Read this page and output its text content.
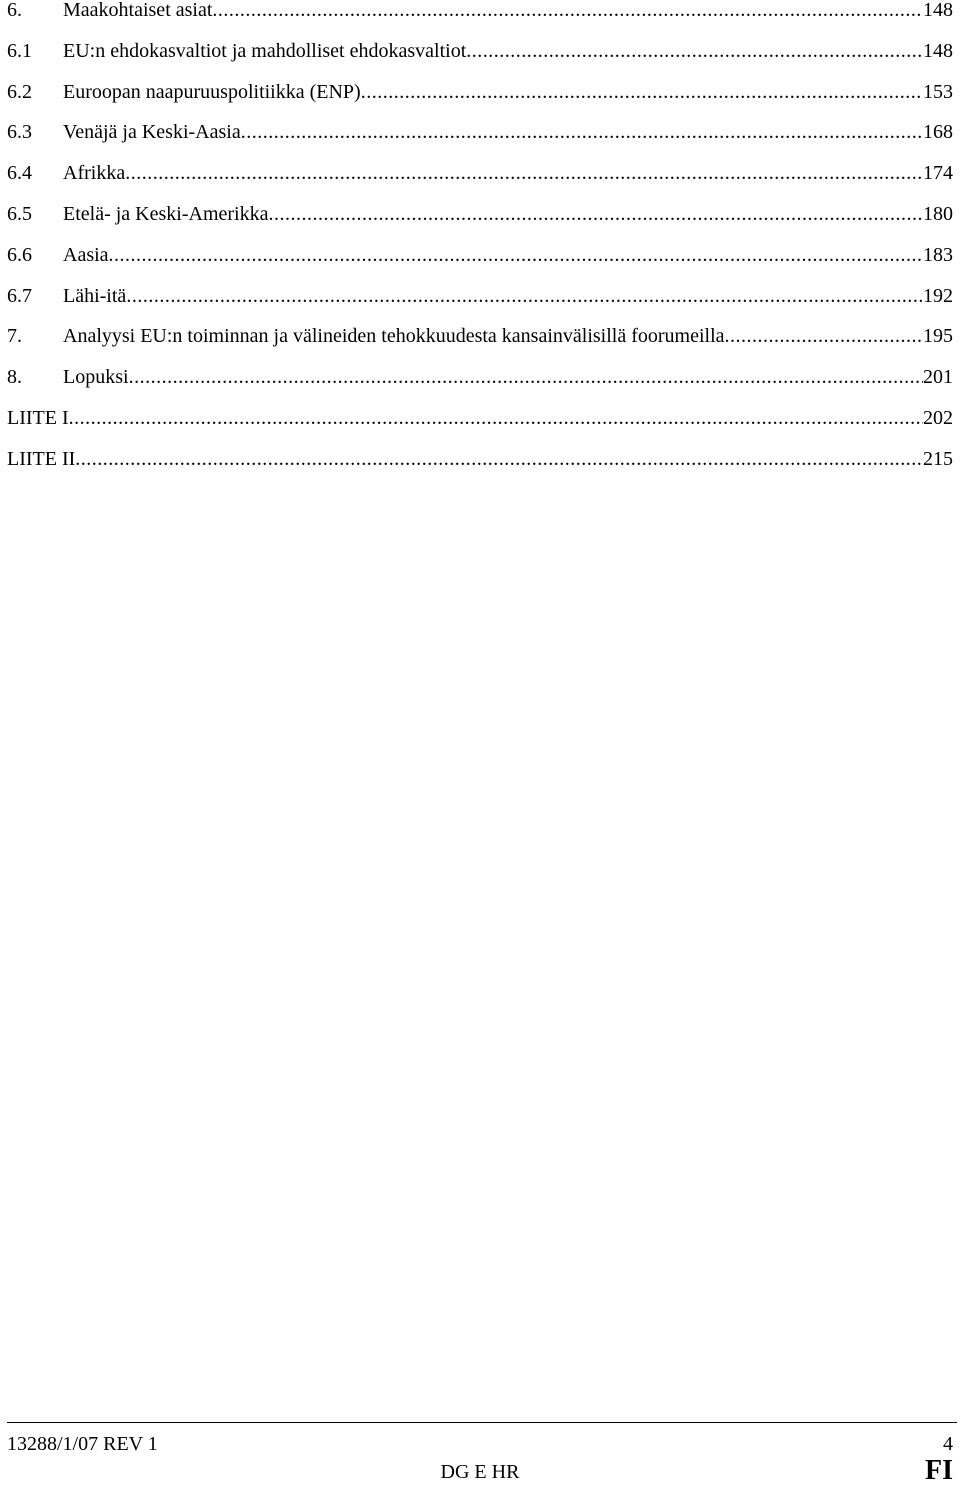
6.	Maakohtaiset asiat .....	148
6.1	EU:n ehdokasvaltiot ja mahdolliset ehdokasvaltiot .....	148
6.2	Euroopan naapuruuspolitiikka (ENP) .....	153
6.3	Venäjä ja Keski-Aasia .....	168
6.4	Afrikka .....	174
6.5	Etelä- ja Keski-Amerikka .....	180
6.6	Aasia .....	183
6.7	Lähi-itä .....	192
7.	Analyysi EU:n toiminnan ja välineiden tehokkuudesta kansainvälisillä foorumeilla .....	195
8.	Lopuksi .....	201
LIITE I .....	202
LIITE II .....	215
13288/1/07 REV 1	4
DG E HR	FI
